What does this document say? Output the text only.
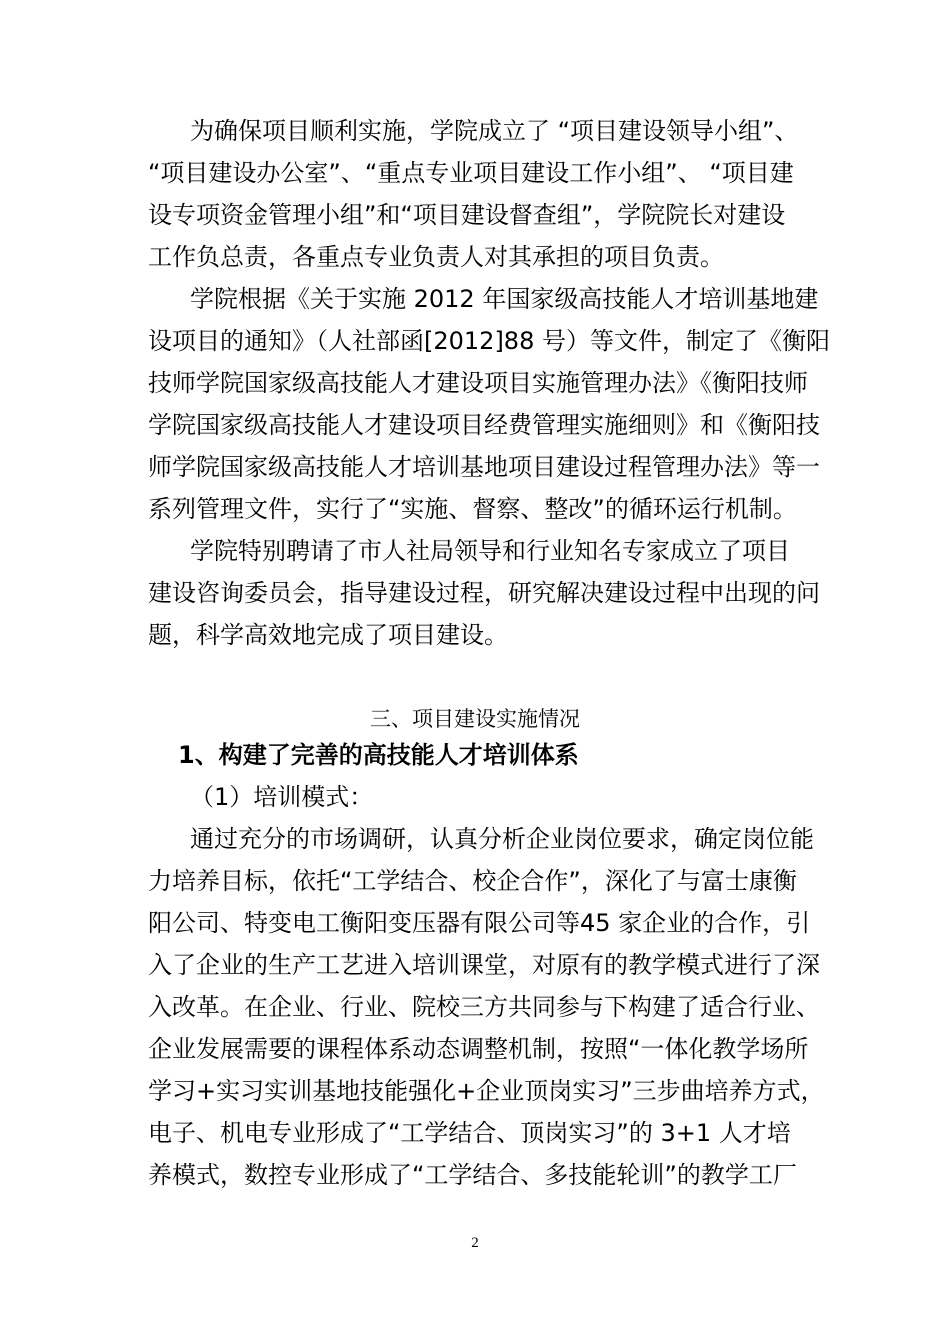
为确保项目顺利实施，学院成立了 “项目建设领导小组”、
“项目建设办公室”、“重点专业项目建设工作小组”、 “项目建
设专项资金管理小组”和“项目建设督查组”，学院院长对建设
工作负总责，各重点专业负责人对其承担的项目负责。
学院根据《关于实施 2012 年国家级高技能人才培训基地建
设项目的通知》（人社部函[2012]88 号）等文件，制定了《衡阳
技师学院国家级高技能人才建设项目实施管理办法》《衡阳技师
学院国家级高技能人才建设项目经费管理实施细则》和《衡阳技
师学院国家级高技能人才培训基地项目建设过程管理办法》等一
系列管理文件，实行了“实施、督察、整改”的循环运行机制。
学院特别聘请了市人社局领导和行业知名专家成立了项目
建设咨询委员会，指导建设过程，研究解决建设过程中出现的问
题，科学高效地完成了项目建设。
三、项目建设实施情况
1、构建了完善的高技能人才培训体系
（1）培训模式：
通过充分的市场调研，认真分析企业岗位要求，确定岗位能
力培养目标，依托“工学结合、校企合作”，深化了与富士康衡
阳公司、特变电工衡阳变压器有限公司等45 家企业的合作，引
入了企业的生产工艺进入培训课堂，对原有的教学模式进行了深
入改革。在企业、行业、院校三方共同参与下构建了适合行业、
企业发展需要的课程体系动态调整机制，按照“一体化教学场所
学习+实习实训基地技能强化+企业顶岗实习”三步曲培养方式，
电子、机电专业形成了“工学结合、顶岗实习”的 3+1 人才培
养模式，数控专业形成了“工学结合、多技能轮训”的教学工厂
2
